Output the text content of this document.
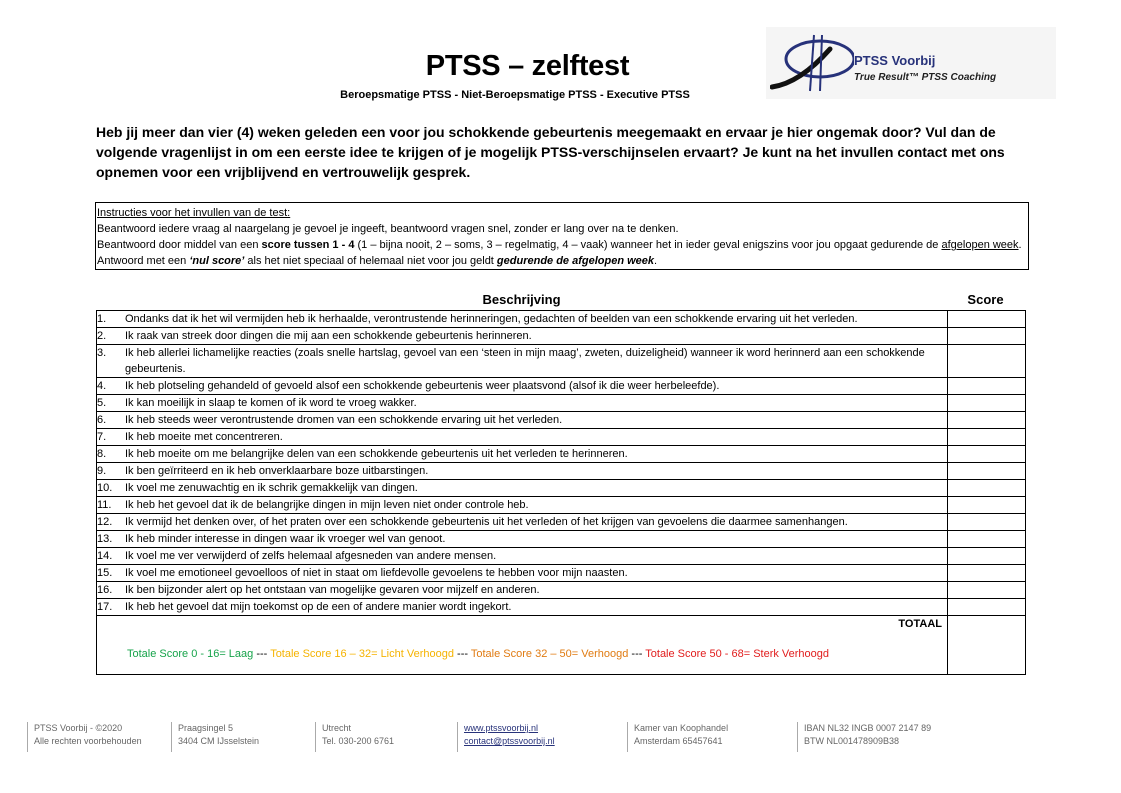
PTSS – zelftest
Beroepsmatige PTSS - Niet-Beroepsmatige PTSS - Executive PTSS
PTSS Voorbij
True Result™ PTSS Coaching
Heb jij meer dan vier (4) weken geleden een voor jou schokkende gebeurtenis meegemaakt en ervaar je hier ongemak door? Vul dan de volgende vragenlijst in om een eerste idee te krijgen of je mogelijk PTSS-verschijnselen ervaart? Je kunt na het invullen contact met ons opnemen voor een vrijblijvend en vertrouwelijk gesprek.
Instructies voor het invullen van de test:
Beantwoord iedere vraag al naargelang je gevoel je ingeeft, beantwoord vragen snel, zonder er lang over na te denken.
Beantwoord door middel van een score tussen 1 - 4 (1 – bijna nooit, 2 – soms, 3 – regelmatig, 4 – vaak) wanneer het in ieder geval enigszins voor jou opgaat gedurende de afgelopen week. Antwoord met een ‘nul score’ als het niet speciaal of helemaal niet voor jou geldt gedurende de afgelopen week.
Beschrijving	Score
1. Ondanks dat ik het wil vermijden heb ik herhaalde, verontrustende herinneringen, gedachten of beelden van een schokkende ervaring uit het verleden.	
2. Ik raak van streek door dingen die mij aan een schokkende gebeurtenis herinneren.	
3. Ik heb allerlei lichamelijke reacties (zoals snelle hartslag, gevoel van een ‘steen in mijn maag’, zweten, duizeligheid) wanneer ik word herinnerd aan een schokkende gebeurtenis.	
4. Ik heb plotseling gehandeld of gevoeld alsof een schokkende gebeurtenis weer plaatsvond (alsof ik die weer herbeleefde).	
5. Ik kan moeilijk in slaap te komen of ik word te vroeg wakker.	
6. Ik heb steeds weer verontrustende dromen van een schokkende ervaring uit het verleden.	
7. Ik heb moeite met concentreren.	
8. Ik heb moeite om me belangrijke delen van een schokkende gebeurtenis uit het verleden te herinneren.	
9. Ik ben geïrriteerd en ik heb onverklaarbare boze uitbarstingen.	
10. Ik voel me zenuwachtig en ik schrik gemakkelijk van dingen.	
11. Ik heb het gevoel dat ik de belangrijke dingen in mijn leven niet onder controle heb.	
12. Ik vermijd het denken over, of het praten over een schokkende gebeurtenis uit het verleden of het krijgen van gevoelens die daarmee samenhangen.	
13. Ik heb minder interesse in dingen waar ik vroeger wel van genoot.	
14. Ik voel me ver verwijderd of zelfs helemaal afgesneden van andere mensen.	
15. Ik voel me emotioneel gevoelloos of niet in staat om liefdevolle gevoelens te hebben voor mijn naasten.	
16. Ik ben bijzonder alert op het ontstaan van mogelijke gevaren voor mijzelf en anderen.	
17. Ik heb het gevoel dat mijn toekomst op de een of andere manier wordt ingekort.	

TOTAAL
Totale Score 0 - 16= Laag --- Totale Score 16 – 32= Licht Verhoogd --- Totale Score 32 – 50= Verhoogd --- Totale Score 50 - 68= Sterk Verhoogd	

PTSS Voorbij - ©2020
Alle rechten voorbehouden
Praagsingel 5
3404 CM IJsselstein
Utrecht
Tel. 030-200 6761
www.ptssvoorbij.nl
contact@ptssvoorbij.nl
Kamer van Koophandel
Amsterdam 65457641
IBAN NL32 INGB 0007 2147 89
BTW NL001478909B38
